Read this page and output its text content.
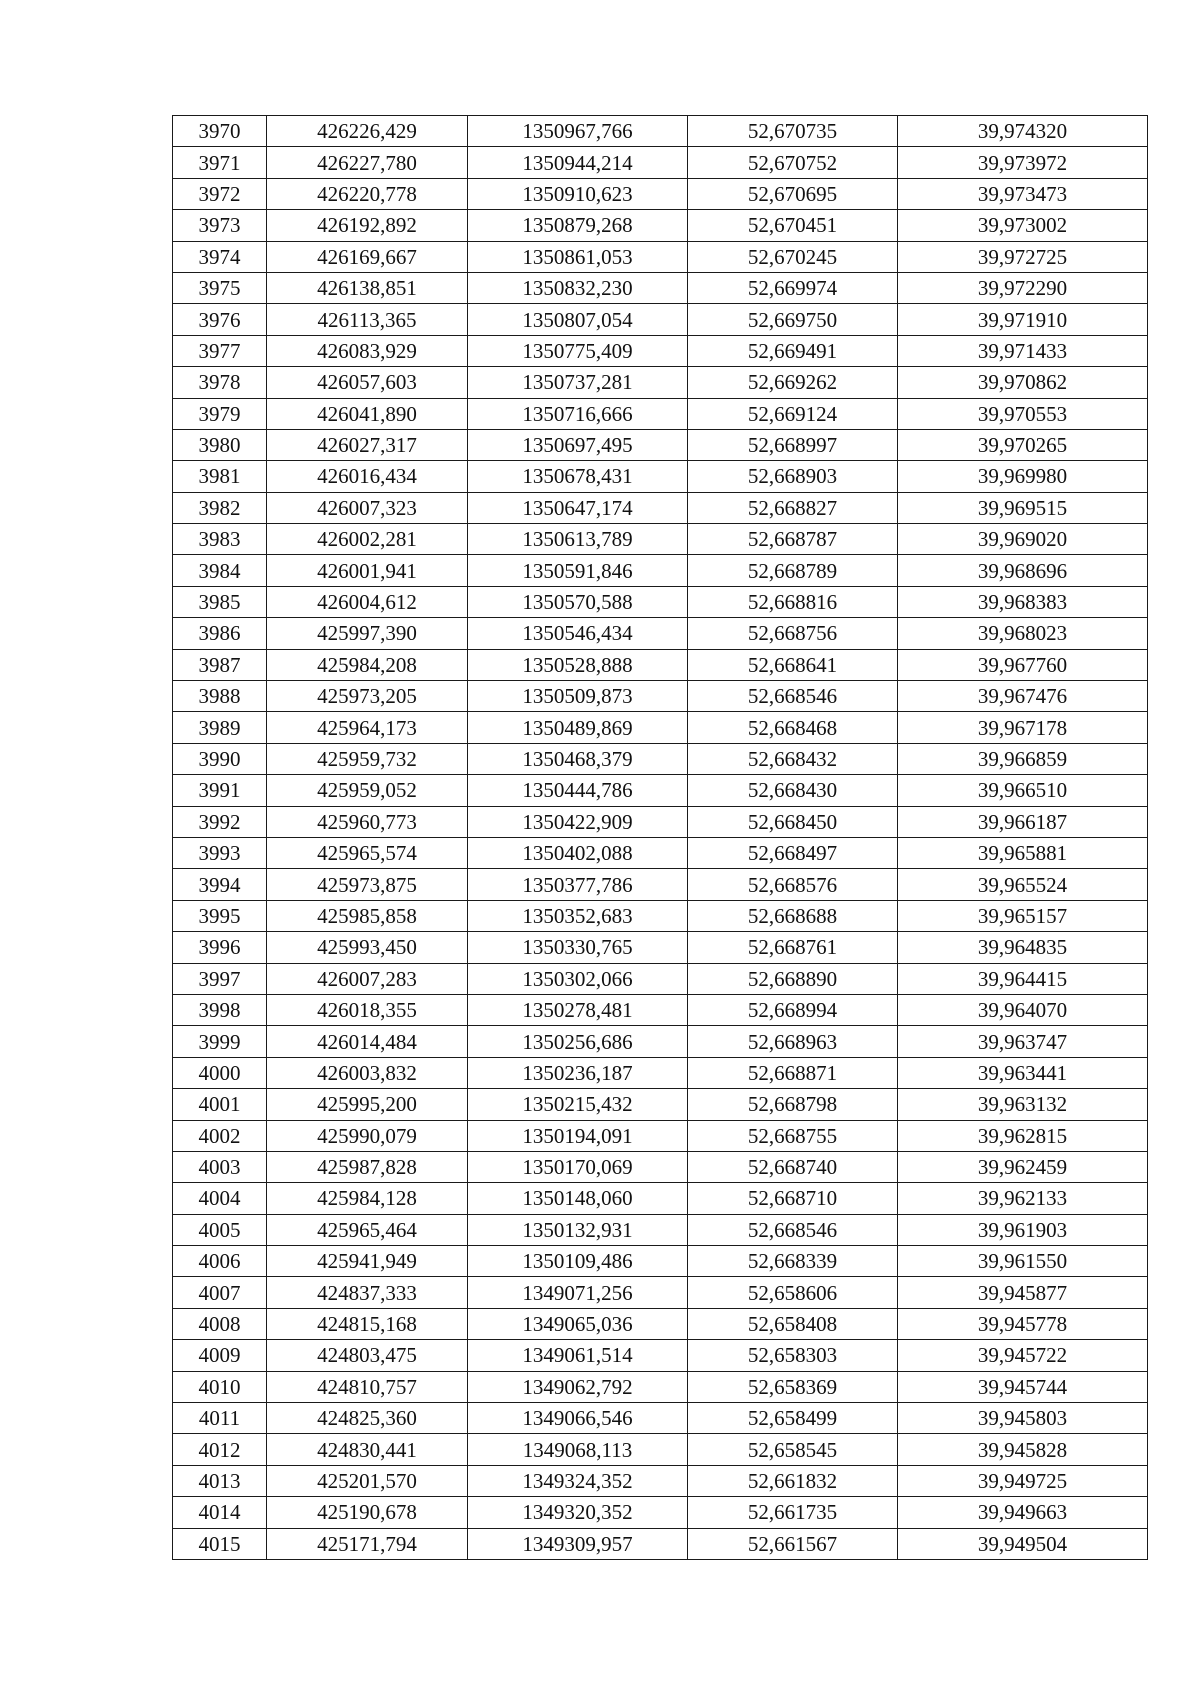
3970	426226,429	1350967,766	52,670735	39,974320
3971	426227,780	1350944,214	52,670752	39,973972
3972	426220,778	1350910,623	52,670695	39,973473
3973	426192,892	1350879,268	52,670451	39,973002
3974	426169,667	1350861,053	52,670245	39,972725
3975	426138,851	1350832,230	52,669974	39,972290
3976	426113,365	1350807,054	52,669750	39,971910
3977	426083,929	1350775,409	52,669491	39,971433
3978	426057,603	1350737,281	52,669262	39,970862
3979	426041,890	1350716,666	52,669124	39,970553
3980	426027,317	1350697,495	52,668997	39,970265
3981	426016,434	1350678,431	52,668903	39,969980
3982	426007,323	1350647,174	52,668827	39,969515
3983	426002,281	1350613,789	52,668787	39,969020
3984	426001,941	1350591,846	52,668789	39,968696
3985	426004,612	1350570,588	52,668816	39,968383
3986	425997,390	1350546,434	52,668756	39,968023
3987	425984,208	1350528,888	52,668641	39,967760
3988	425973,205	1350509,873	52,668546	39,967476
3989	425964,173	1350489,869	52,668468	39,967178
3990	425959,732	1350468,379	52,668432	39,966859
3991	425959,052	1350444,786	52,668430	39,966510
3992	425960,773	1350422,909	52,668450	39,966187
3993	425965,574	1350402,088	52,668497	39,965881
3994	425973,875	1350377,786	52,668576	39,965524
3995	425985,858	1350352,683	52,668688	39,965157
3996	425993,450	1350330,765	52,668761	39,964835
3997	426007,283	1350302,066	52,668890	39,964415
3998	426018,355	1350278,481	52,668994	39,964070
3999	426014,484	1350256,686	52,668963	39,963747
4000	426003,832	1350236,187	52,668871	39,963441
4001	425995,200	1350215,432	52,668798	39,963132
4002	425990,079	1350194,091	52,668755	39,962815
4003	425987,828	1350170,069	52,668740	39,962459
4004	425984,128	1350148,060	52,668710	39,962133
4005	425965,464	1350132,931	52,668546	39,961903
4006	425941,949	1350109,486	52,668339	39,961550
4007	424837,333	1349071,256	52,658606	39,945877
4008	424815,168	1349065,036	52,658408	39,945778
4009	424803,475	1349061,514	52,658303	39,945722
4010	424810,757	1349062,792	52,658369	39,945744
4011	424825,360	1349066,546	52,658499	39,945803
4012	424830,441	1349068,113	52,658545	39,945828
4013	425201,570	1349324,352	52,661832	39,949725
4014	425190,678	1349320,352	52,661735	39,949663
4015	425171,794	1349309,957	52,661567	39,949504
